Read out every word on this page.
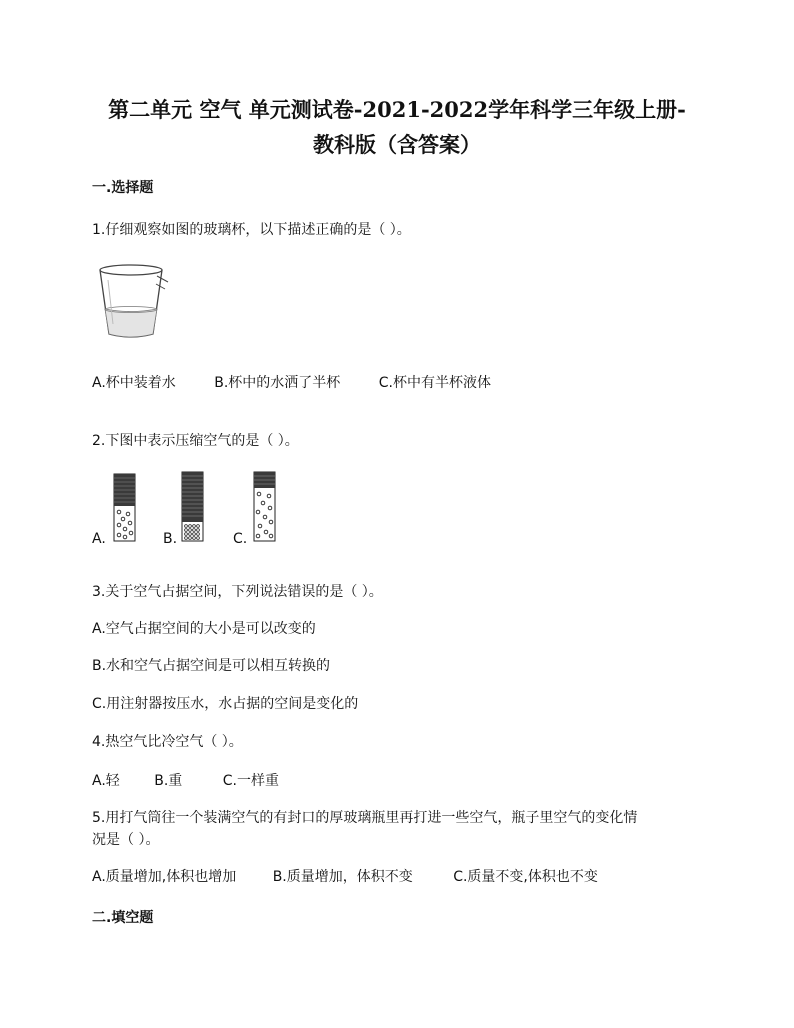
第二单元 空气 单元测试卷-2021-2022学年科学三年级上册-
教科版（含答案）
一.选择题
1.仔细观察如图的玻璃杯，以下描述正确的是（ ）。
A.杯中装着水	B.杯中的水洒了半杯	C.杯中有半杯液体
2.下图中表示压缩空气的是（ ）。
A.	B.	C.
3.关于空气占据空间，下列说法错误的是（ ）。
A.空气占据空间的大小是可以改变的
B.水和空气占据空间是可以相互转换的
C.用注射器按压水，水占据的空间是变化的
4.热空气比冷空气（ ）。
A.轻 B.重	C.一样重
5.用打气筒往一个装满空气的有封口的厚玻璃瓶里再打进一些空气，瓶子里空气的变化情
况是（ ）。
A.质量增加,体积也增加	B.质量增加，体积不变	C.质量不变,体积也不变
二.填空题
